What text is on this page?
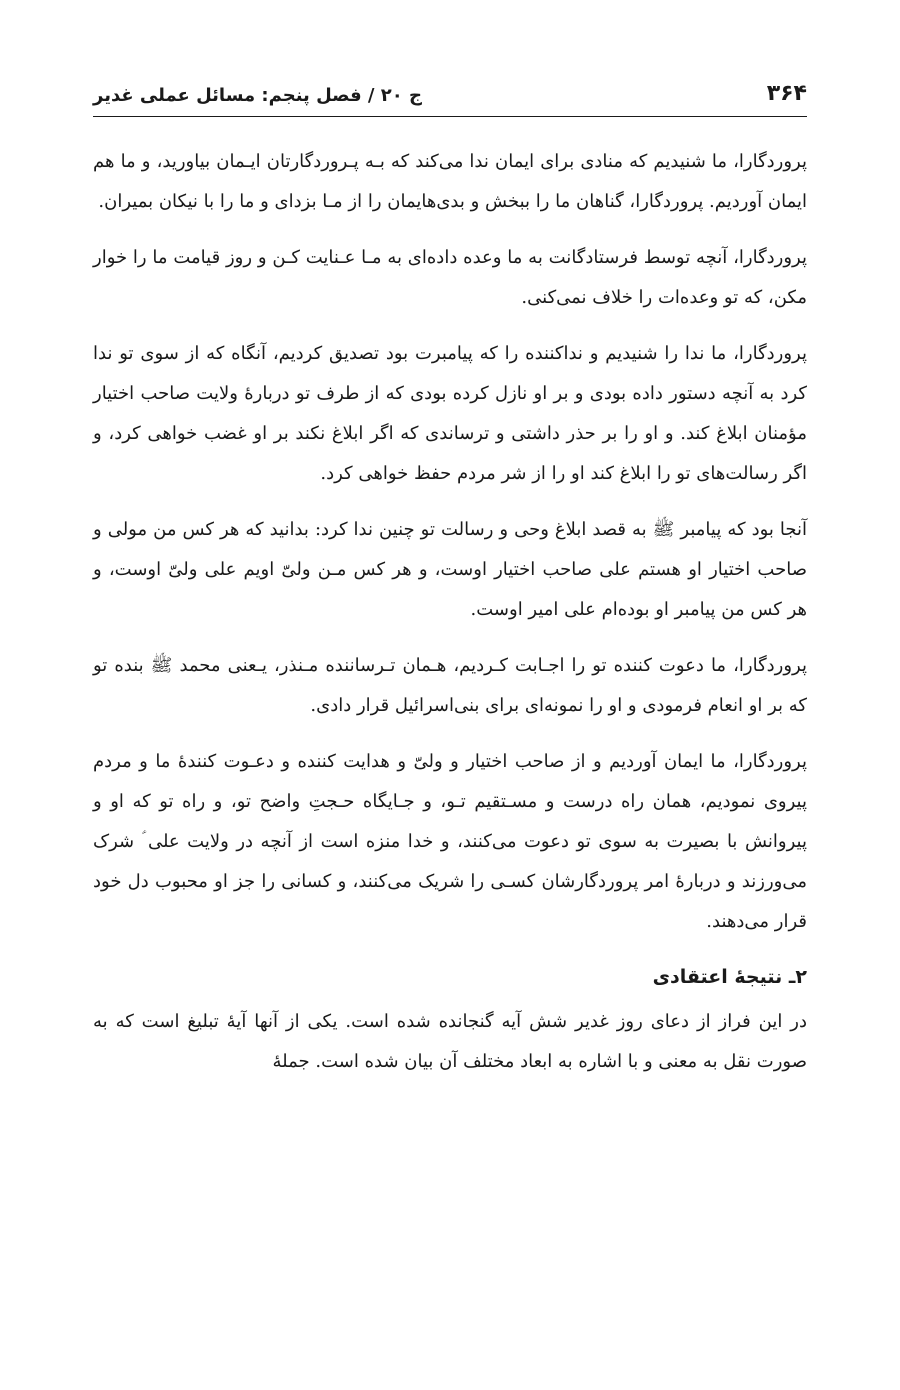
۳۶۴
ج ۲۰ / فصل پنجم: مسائل عملی غدیر

پروردگارا، ما شنیدیم که منادی برای ایمان ندا می‌کند که بـه پـروردگارتان ایـمان بیاورید، و ما هم ایمان آوردیم. پروردگارا، گناهان ما را ببخش و بدی‌هایمان را از مـا بزدای و ما را با نیکان بمیران.

پروردگارا، آنچه توسط فرستادگانت به ما وعده داده‌ای به مـا عـنایت کـن و روز قیامت ما را خوار مکن، که تو وعده‌ات را خلاف نمی‌کنی.

پروردگارا، ما ندا را شنیدیم و نداکننده را که پیامبرت بود تصدیق کردیم، آنگاه که از سوی تو ندا کرد به آنچه دستور داده بودی و بر او نازل کرده بودی که از طرف تو دربارهٔ ولایت صاحب اختیار مؤمنان ابلاغ کند. و او را بر حذر داشتی و ترساندی که اگر ابلاغ نکند بر او غضب خواهی کرد، و اگر رسالت‌های تو را ابلاغ کند او را از شر مردم حفظ خواهی کرد.

آنجا بود که پیامبر ﷺ به قصد ابلاغ وحی و رسالت تو چنین ندا کرد: بدانید که هر کس من مولی و صاحب اختیار او هستم علی صاحب اختیار اوست، و هر کس مـن ولیّ اویم علی ولیّ اوست، و هر کس من پیامبر او بوده‌ام علی امیر اوست.

پروردگارا، ما دعوت کننده تو را اجـابت کـردیم، هـمان تـرساننده مـنذر، یـعنی محمد ﷺ بنده تو که بر او انعام فرمودی و او را نمونه‌ای برای بنی‌اسرائیل قرار دادی.

پروردگارا، ما ایمان آوردیم و از صاحب اختیار و ولیّ و هدایت کننده و دعـوت کنندهٔ ما و مردم پیروی نمودیم، همان راه درست و مسـتقیم تـو، و جـایگاه حـجتِ واضح تو، و راه تو که او و پیروانش با بصیرت به سوی تو دعوت می‌کنند، و خدا منزه است از آنچه در ولایت علی ؑ شرک می‌ورزند و دربارهٔ امر پروردگارشان کسـی را شریک می‌کنند، و کسانی را جز او محبوب دل خود قرار می‌دهند.

۲ـ نتیجهٔ اعتقادی

در این فراز از دعای روز غدیر شش آیه گنجانده شده است. یکی از آنها آیهٔ تبلیغ است که به صورت نقل به معنی و با اشاره به ابعاد مختلف آن بیان شده است. جملهٔ
